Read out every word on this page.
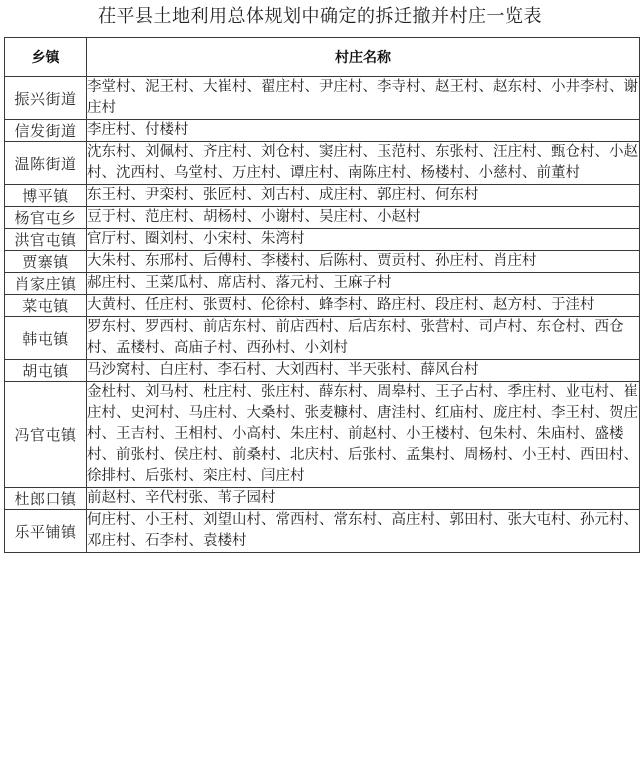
茌平县土地利用总体规划中确定的拆迁撤并村庄一览表
乡镇	村庄名称
振兴街道	李堂村、泥王村、大崔村、翟庄村、尹庄村、李寺村、赵王村、赵东村、小井李村、谢庄村
信发街道	李庄村、付楼村
温陈街道	沈东村、刘佩村、齐庄村、刘仓村、窦庄村、玉范村、东张村、汪庄村、甄仓村、小赵村、沈西村、乌堂村、万庄村、谭庄村、南陈庄村、杨楼村、小慈村、前董村
博平镇	东王村、尹栾村、张匠村、刘古村、成庄村、郭庄村、何东村
杨官屯乡	豆于村、范庄村、胡杨村、小谢村、吴庄村、小赵村
洪官屯镇	官厅村、圈刘村、小宋村、朱湾村
贾寨镇	大朱村、东邢村、后傅村、李楼村、后陈村、贾贡村、孙庄村、肖庄村
肖家庄镇	郝庄村、王菜瓜村、席店村、落元村、王麻子村
菜屯镇	大黄村、任庄村、张贾村、伦徐村、蜂李村、路庄村、段庄村、赵方村、于洼村
韩屯镇	罗东村、罗西村、前店东村、前店西村、后店东村、张营村、司卢村、东仓村、西仓村、孟楼村、高庙子村、西孙村、小刘村
胡屯镇	马沙窝村、白庄村、李石村、大刘西村、半天张村、薛风台村
冯官屯镇	金杜村、刘马村、杜庄村、张庄村、薛东村、周皋村、王子占村、季庄村、业屯村、崔庄村、史河村、马庄村、大桑村、张麦糠村、唐洼村、红庙村、庞庄村、李王村、贺庄村、王吉村、王相村、小高村、朱庄村、前赵村、小王楼村、包朱村、朱庙村、盛楼村、前张村、侯庄村、前桑村、北庆村、后张村、孟集村、周杨村、小王村、西田村、徐排村、后张村、栾庄村、闫庄村
杜郎口镇	前赵村、辛代村张、苇子园村
乐平铺镇	何庄村、小王村、刘望山村、常西村、常东村、高庄村、郭田村、张大屯村、孙元村、邓庄村、石李村、袁楼村
